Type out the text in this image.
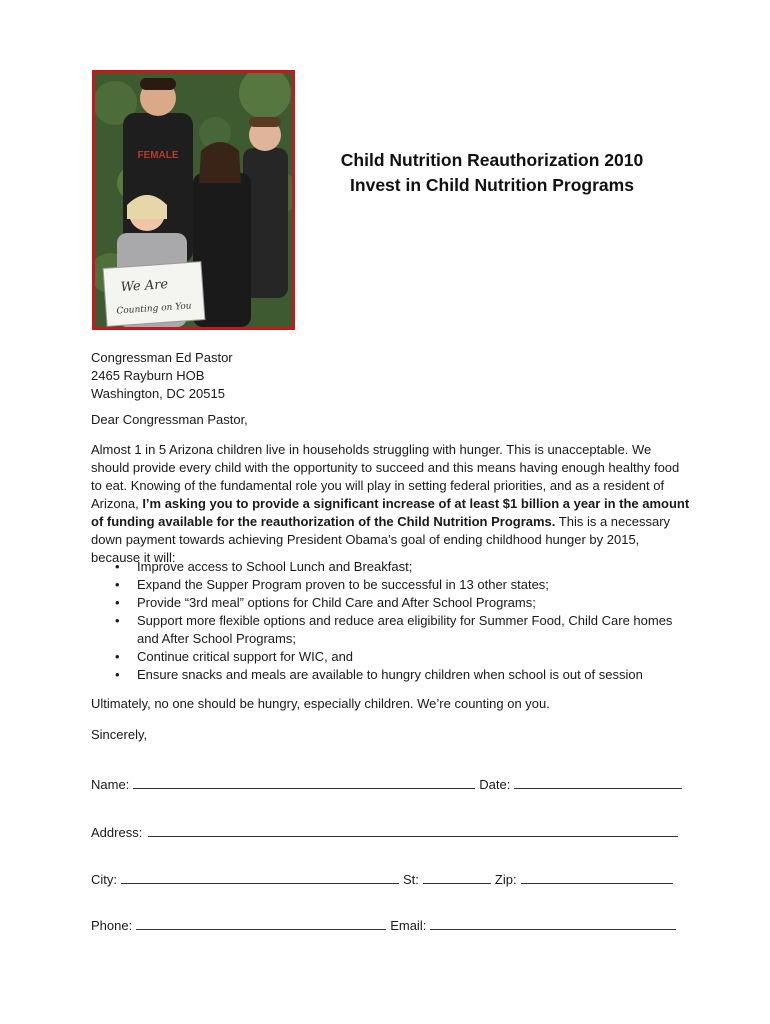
FEMALE
We Are
Counting on You
Child Nutrition Reauthorization 2010
Invest in Child Nutrition Programs
Congressman Ed Pastor
2465 Rayburn HOB
Washington, DC 20515
Dear Congressman Pastor,
Almost 1 in 5 Arizona children live in households struggling with hunger. This is unacceptable. We should provide every child with the opportunity to succeed and this means having enough healthy food to eat. Knowing of the fundamental role you will play in setting federal priorities, and as a resident of Arizona, I’m asking you to provide a significant increase of at least $1 billion a year in the amount of funding available for the reauthorization of the Child Nutrition Programs. This is a necessary down payment towards achieving President Obama’s goal of ending childhood hunger by 2015, because it will:
• Improve access to School Lunch and Breakfast;
• Expand the Supper Program proven to be successful in 13 other states;
• Provide “3rd meal” options for Child Care and After School Programs;
• Support more flexible options and reduce area eligibility for Summer Food, Child Care homes and After School Programs;
• Continue critical support for WIC, and
• Ensure snacks and meals are available to hungry children when school is out of session
Ultimately, no one should be hungry, especially children. We’re counting on you.
Sincerely,
Name:	Date:
Address:
City:	St:	Zip:
Phone:	Email:
